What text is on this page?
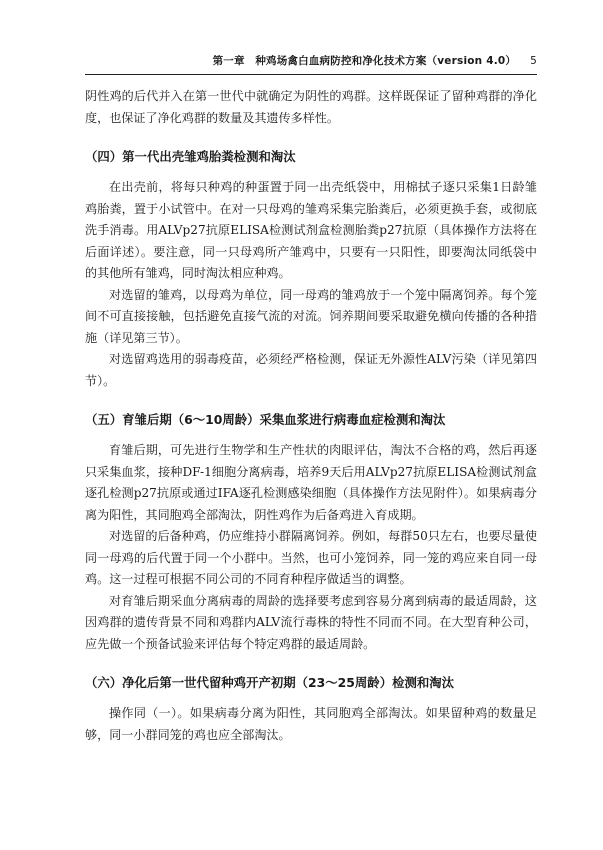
第一章　种鸡场禽白血病防控和净化技术方案（version 4.0） 5

阴性鸡的后代并入在第一世代中就确定为阴性的鸡群。这样既保证了留种鸡群的净化度，也保证了净化鸡群的数量及其遗传多样性。

（四）第一代出壳雏鸡胎粪检测和淘汰

在出壳前，将每只种鸡的种蛋置于同一出壳纸袋中，用棉拭子逐只采集1日龄雏鸡胎粪，置于小试管中。在对一只母鸡的雏鸡采集完胎粪后，必须更换手套，或彻底洗手消毒。用ALVp27抗原ELISA检测试剂盒检测胎粪p27抗原（具体操作方法将在后面详述）。要注意，同一只母鸡所产雏鸡中，只要有一只阳性，即要淘汰同纸袋中的其他所有雏鸡，同时淘汰相应种鸡。

对选留的雏鸡，以母鸡为单位，同一母鸡的雏鸡放于一个笼中隔离饲养。每个笼间不可直接接触，包括避免直接气流的对流。饲养期间要采取避免横向传播的各种措施（详见第三节）。

对选留鸡选用的弱毒疫苗，必须经严格检测，保证无外源性ALV污染（详见第四节）。

（五）育雏后期（6～10周龄）采集血浆进行病毒血症检测和淘汰

育雏后期，可先进行生物学和生产性状的肉眼评估，淘汰不合格的鸡，然后再逐只采集血浆，接种DF-1细胞分离病毒，培养9天后用ALVp27抗原ELISA检测试剂盒逐孔检测p27抗原或通过IFA逐孔检测感染细胞（具体操作方法见附件）。如果病毒分离为阳性，其同胞鸡全部淘汰，阴性鸡作为后备鸡进入育成期。

对选留的后备种鸡，仍应维持小群隔离饲养。例如，每群50只左右，也要尽量使同一母鸡的后代置于同一个小群中。当然，也可小笼饲养，同一笼的鸡应来自同一母鸡。这一过程可根据不同公司的不同育种程序做适当的调整。

对育雏后期采血分离病毒的周龄的选择要考虑到容易分离到病毒的最适周龄，这因鸡群的遗传背景不同和鸡群内ALV流行毒株的特性不同而不同。在大型育种公司，应先做一个预备试验来评估每个特定鸡群的最适周龄。

（六）净化后第一世代留种鸡开产初期（23～25周龄）检测和淘汰

操作同（一）。如果病毒分离为阳性，其同胞鸡全部淘汰。如果留种鸡的数量足够，同一小群同笼的鸡也应全部淘汰。
